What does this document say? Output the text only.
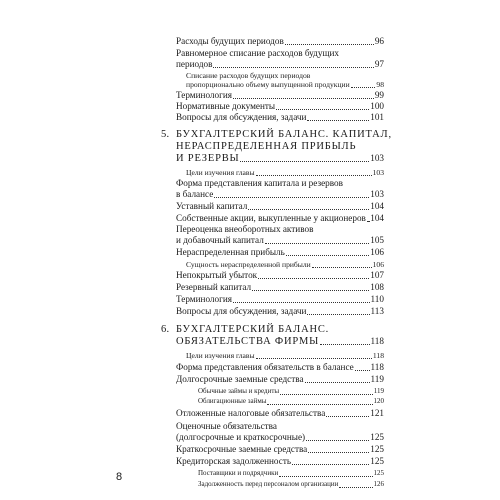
Расходы будущих периодов	96
Равномерное списание расходов будущих
периодов	97
Списание расходов будущих периодов
пропорционально объему выпущенной продукции	98
Терминология	99
Нормативные документы	100
Вопросы для обсуждения, задачи	101
5. БУХГАЛТЕРСКИЙ БАЛАНС. КАПИТАЛ,
НЕРАСПРЕДЕЛЕННАЯ ПРИБЫЛЬ
И РЕЗЕРВЫ	103
Цели изучения главы	103
Форма представления капитала и резервов
в балансе	103
Уставный капитал	104
Собственные акции, выкупленные у акционеров 104
Переоценка внеоборотных активов
и добавочный капитал	105
Нераспределенная прибыль	106
Сущность нераспределенной прибыли	106
Непокрытый убыток	107
Резервный капитал	108
Терминология	110
Вопросы для обсуждения, задачи	113
6. БУХГАЛТЕРСКИЙ БАЛАНС.
ОБЯЗАТЕЛЬСТВА ФИРМЫ	118
Цели изучения главы	118
Форма представления обязательств в балансе 118
Долгосрочные заемные средства	119
Обычные займы и кредиты	119
Облигационные займы	120
Отложенные налоговые обязательства	121
Оценочные обязательства
(долгосрочные и краткосрочные)	125
Краткосрочные заемные средства	125
Кредиторская задолженность	125
Поставщики и подрядчики	125
Задолженность перед персоналом организации	126
8
